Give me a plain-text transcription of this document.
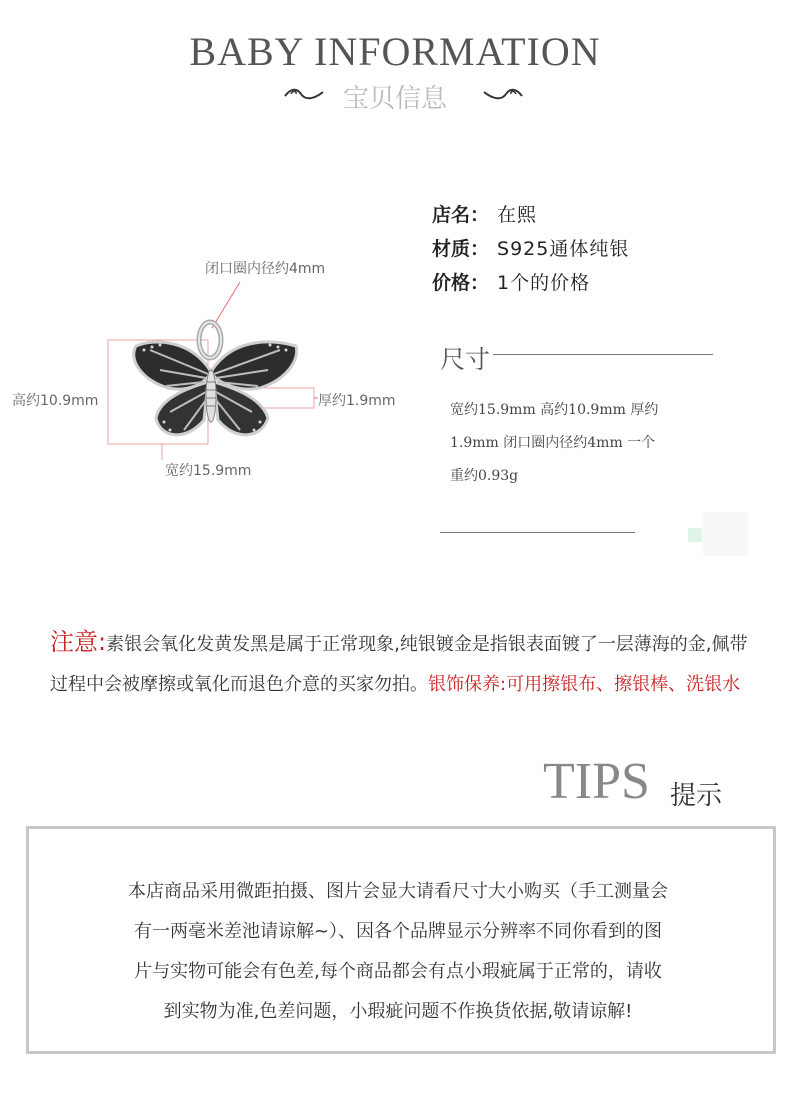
BABY INFORMATION
宝贝信息
店名： 在熙
材质： S925通体纯银
价格： 1个的价格
闭口圈内径约4mm
高约10.9mm	厚约1.9mm
宽约15.9mm
尺寸
宽约15.9mm 高约10.9mm 厚约
1.9mm 闭口圈内径约4mm 一个
重约0.93g
注意:素银会氧化发黄发黑是属于正常现象,纯银镀金是指银表面镀了一层薄海的金,佩带过程中会被摩擦或氧化而退色介意的买家勿拍。银饰保养:可用擦银布、擦银棒、洗银水
TIPS 提示
本店商品采用微距拍摄、图片会显大请看尺寸大小购买（手工测量会
有一两毫米差池请谅解~）、因各个品牌显示分辨率不同你看到的图
片与实物可能会有色差,每个商品都会有点小瑕疵属于正常的，请收
到实物为准,色差问题，小瑕疵问题不作换货依据,敬请谅解!
